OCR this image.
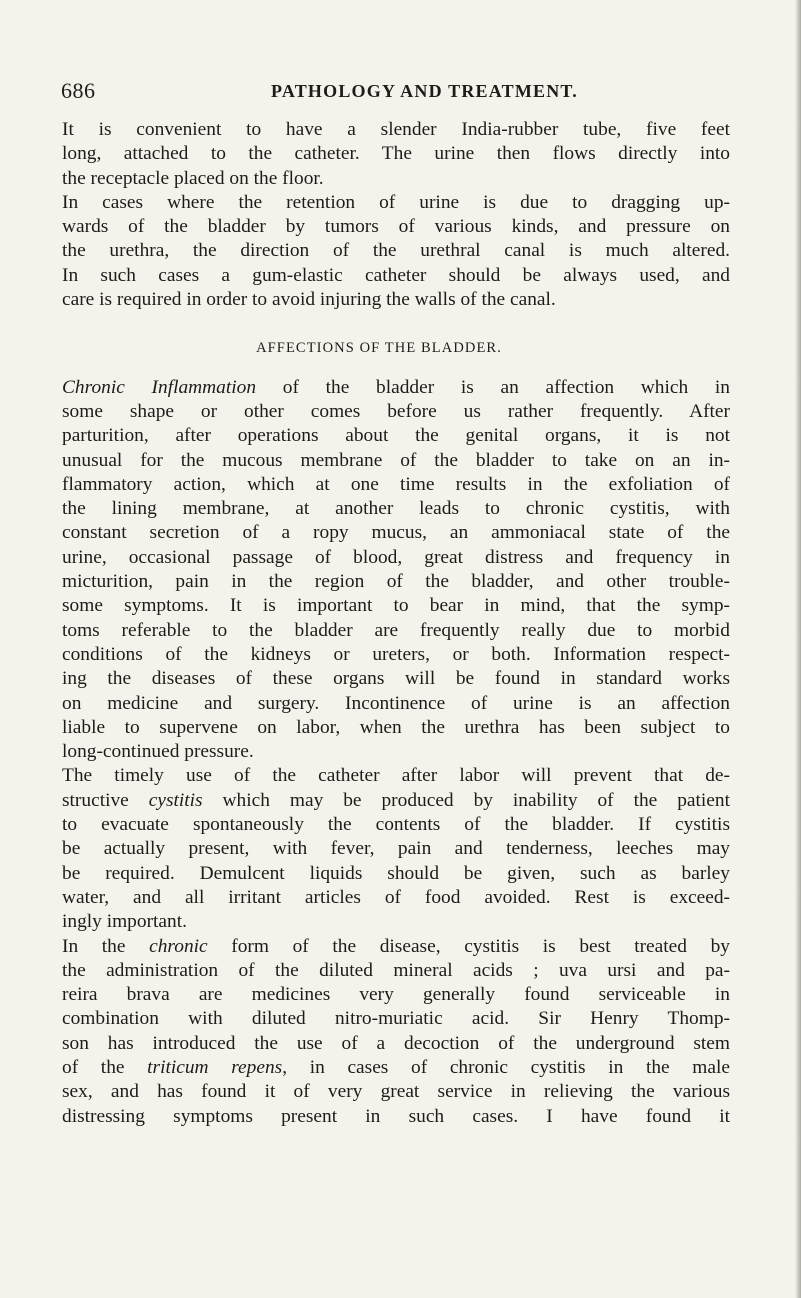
686	PATHOLOGY AND TREATMENT.
It is convenient to have a slender India-rubber tube, five feet
long, attached to the catheter. The urine then flows directly into
the receptacle placed on the floor.
In cases where the retention of urine is due to dragging up-
wards of the bladder by tumors of various kinds, and pressure on
the urethra, the direction of the urethral canal is much altered.
In such cases a gum-elastic catheter should be always used, and
care is required in order to avoid injuring the walls of the canal.
AFFECTIONS OF THE BLADDER.
Chronic Inflammation of the bladder is an affection which in
some shape or other comes before us rather frequently. After
parturition, after operations about the genital organs, it is not
unusual for the mucous membrane of the bladder to take on an in-
flammatory action, which at one time results in the exfoliation of
the lining membrane, at another leads to chronic cystitis, with
constant secretion of a ropy mucus, an ammoniacal state of the
urine, occasional passage of blood, great distress and frequency in
micturition, pain in the region of the bladder, and other trouble-
some symptoms. It is important to bear in mind, that the symp-
toms referable to the bladder are frequently really due to morbid
conditions of the kidneys or ureters, or both. Information respect-
ing the diseases of these organs will be found in standard works
on medicine and surgery. Incontinence of urine is an affection
liable to supervene on labor, when the urethra has been subject to
long-continued pressure.
The timely use of the catheter after labor will prevent that de-
structive cystitis which may be produced by inability of the patient
to evacuate spontaneously the contents of the bladder. If cystitis
be actually present, with fever, pain and tenderness, leeches may
be required. Demulcent liquids should be given, such as barley
water, and all irritant articles of food avoided. Rest is exceed-
ingly important.
In the chronic form of the disease, cystitis is best treated by
the administration of the diluted mineral acids ; uva ursi and pa-
reira brava are medicines very generally found serviceable in
combination with diluted nitro-muriatic acid. Sir Henry Thomp-
son has introduced the use of a decoction of the underground stem
of the triticum repens, in cases of chronic cystitis in the male
sex, and has found it of very great service in relieving the various
distressing symptoms present in such cases. I have found it
